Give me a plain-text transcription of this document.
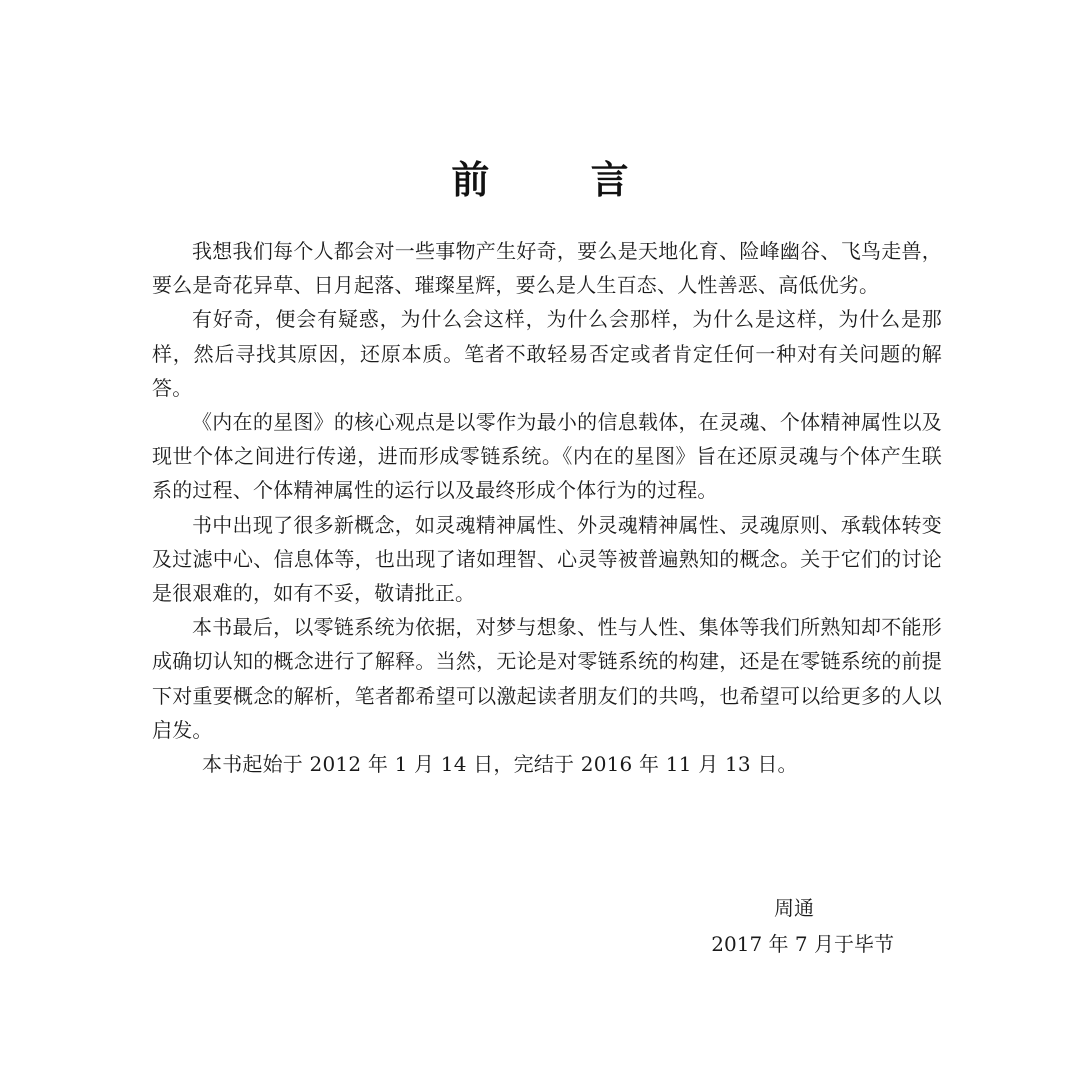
前 言

我想我们每个人都会对一些事物产生好奇，要么是天地化育、险峰幽谷、飞鸟走兽，要么是奇花异草、日月起落、璀璨星辉，要么是人生百态、人性善恶、高低优劣。

有好奇，便会有疑惑，为什么会这样，为什么会那样，为什么是这样，为什么是那样，然后寻找其原因，还原本质。笔者不敢轻易否定或者肯定任何一种对有关问题的解答。

《内在的星图》的核心观点是以零作为最小的信息载体，在灵魂、个体精神属性以及现世个体之间进行传递，进而形成零链系统。《内在的星图》旨在还原灵魂与个体产生联系的过程、个体精神属性的运行以及最终形成个体行为的过程。

书中出现了很多新概念，如灵魂精神属性、外灵魂精神属性、灵魂原则、承载体转变及过滤中心、信息体等，也出现了诸如理智、心灵等被普遍熟知的概念。关于它们的讨论是很艰难的，如有不妥，敬请批正。

本书最后，以零链系统为依据，对梦与想象、性与人性、集体等我们所熟知却不能形成确切认知的概念进行了解释。当然，无论是对零链系统的构建，还是在零链系统的前提下对重要概念的解析，笔者都希望可以激起读者朋友们的共鸣，也希望可以给更多的人以启发。

本书起始于 2012 年 1 月 14 日，完结于 2016 年 11 月 13 日。

周通
2017 年 7 月于毕节
